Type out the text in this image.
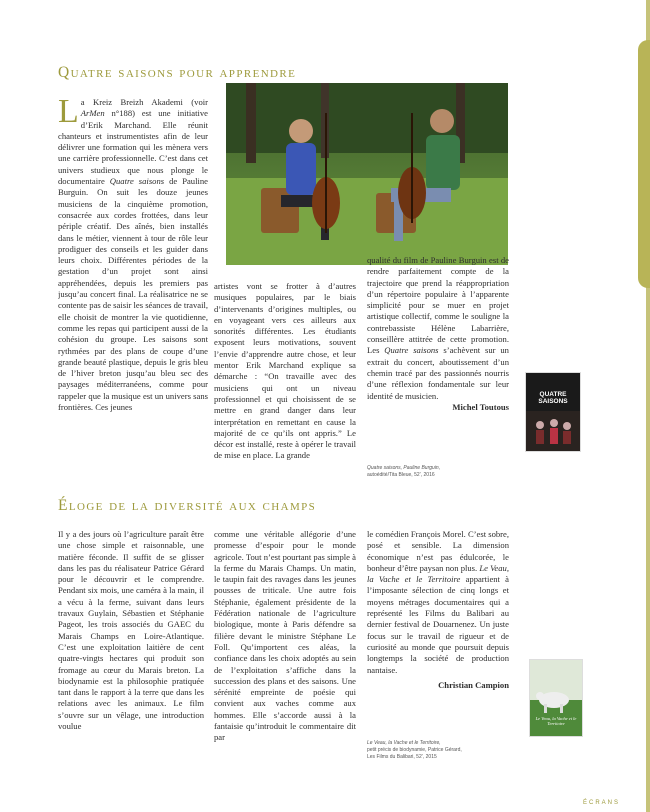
Quatre saisons pour apprendre

La Kreiz Breizh Akademi (voir ArMen n°188) est une initiative d’Erik Marchand. Elle réunit chanteurs et instrumentistes afin de leur délivrer une formation qui les mènera vers une carrière professionnelle. C’est dans cet univers studieux que nous plonge le documentaire Quatre saisons de Pauline Burguin. On suit les douze jeunes musiciens de la cinquième promotion, consacrée aux cordes frottées, dans leur périple créatif. Des aînés, bien installés dans le métier, viennent à tour de rôle leur prodiguer des conseils et les guider dans leurs choix. Différentes périodes de la gestation d’un projet sont ainsi appréhendées, depuis les premiers pas jusqu’au concert final. La réalisatrice ne se contente pas de saisir les séances de travail, elle choisit de montrer la vie quotidienne, comme les repas qui participent aussi de la cohésion du groupe. Les saisons sont rythmées par des plans de coupe d’une grande beauté plastique, depuis le gris bleu de l’hiver breton jusqu’au bleu sec des paysages méditerranéens, comme pour rappeler que la musique est un univers sans frontières. Ces jeunes

artistes vont se frotter à d’autres musiques populaires, par le biais d’intervenants d’origines multiples, ou en voyageant vers ces ailleurs aux sonorités différentes. Les étudiants exposent leurs motivations, souvent l’envie d’apprendre autre chose, et leur mentor Erik Marchand explique sa démarche : “On travaille avec des musiciens qui ont un niveau professionnel et qui choisissent de se mettre en grand danger dans leur interprétation en remettant en cause la majorité de ce qu’ils ont appris.” Le décor est installé, reste à opérer le travail de mise en place. La grande

qualité du film de Pauline Burguin est de rendre parfaitement compte de la trajectoire que prend la réappropriation d’un répertoire populaire à l’apparente simplicité pour se muer en projet artistique collectif, comme le souligne la contrebassiste Hélène Labarrière, conseillère attitrée de cette promotion. Les Quatre saisons s’achèvent sur un extrait du concert, aboutissement d’un chemin tracé par des passionnés nourris d’une réflexion fondamentale sur leur identité de musicien.

Michel Toutous

QUATRE SAISONS
Quatre saisons, Pauline Burguin,
autoédité/Tita Bleue, 52’, 2016
Éloge de la diversité aux champs

Il y a des jours où l’agriculture paraît être une chose simple et raisonnable, une matière féconde. Il suffit de se glisser dans les pas du réalisateur Patrice Gérard pour le découvrir et le comprendre. Pendant six mois, une caméra à la main, il a vécu à la ferme, suivant dans leurs travaux Guylain, Sébastien et Stéphanie Pageot, les trois associés du GAEC du Marais Champs en Loire-Atlantique. C’est une exploitation laitière de cent quatre-vingts hectares qui produit son fromage au cœur du Marais breton. La biodynamie est la philosophie pratiquée tant dans le rapport à la terre que dans les relations avec les animaux. Le film s’ouvre sur un vêlage, une introduction voulue

comme une véritable allégorie d’une promesse d’espoir pour le monde agricole. Tout n’est pourtant pas simple à la ferme du Marais Champs. Un matin, le taupin fait des ravages dans les jeunes pousses de triticale. Une autre fois Stéphanie, également présidente de la Fédération nationale de l’agriculture biologique, monte à Paris défendre sa filière devant le ministre Stéphane Le Foll. Qu’importent ces aléas, la confiance dans les choix adoptés au sein de l’exploitation s’affiche dans la succession des plans et des saisons. Une sérénité empreinte de poésie qui convient aux vaches comme aux hommes. Elle s’accorde aussi à la fantaisie qu’introduit le commentaire dit par

le comédien François Morel. C’est sobre, posé et sensible. La dimension économique n’est pas édulcorée, le bonheur d’être paysan non plus. Le Veau, la Vache et le Territoire appartient à l’imposante sélection de cinq longs et moyens métrages documentaires qui a représenté les Films du Balibari au dernier festival de Douarnenez. Un juste focus sur le travail de rigueur et de curiosité au monde que poursuit depuis longtemps la société de production nantaise.

Christian Campion

Le Veau, la Vache et le Territoire
Le Veau, la Vache et le Territoire,
petit précis de biodynamie, Patrice Gérard,
Les Films du Balibari, 52’, 2015
ÉCRANS
